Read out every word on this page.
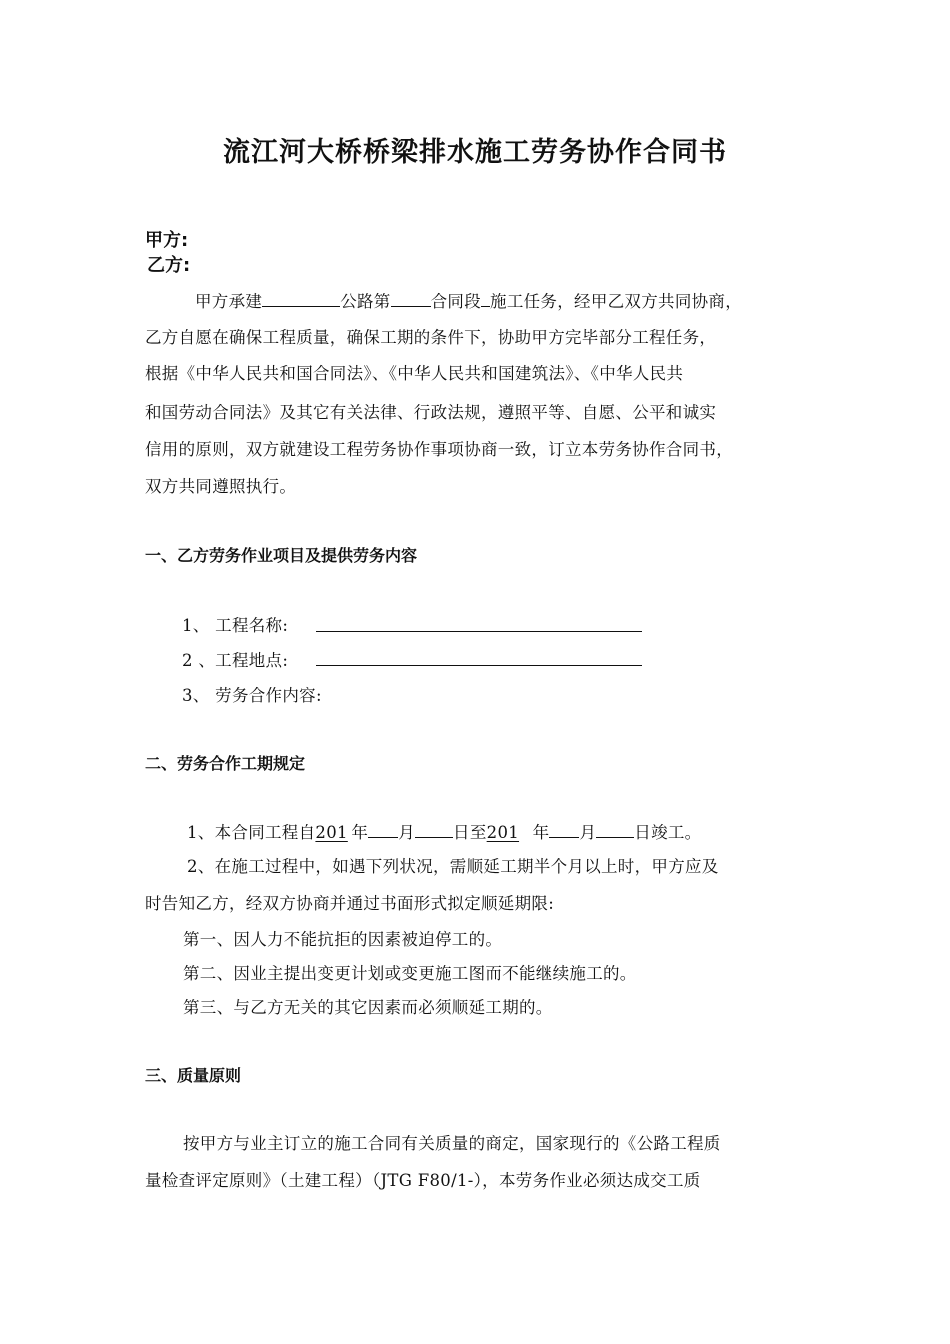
流江河大桥桥梁排水施工劳务协作合同书
甲方:
乙方:
甲方承建	公路第 合同段 施工任务，经甲乙双方共同协商，
乙方自愿在确保工程质量，确保工期的条件下，协助甲方完毕部分工程任务，
根据《中华人民共和国合同法》、《中华人民共和国建筑法》、《中华人民共
和国劳动合同法》及其它有关法律、行政法规，遵照平等、自愿、公平和诚实
信用的原则，双方就建设工程劳务协作事项协商一致，订立本劳务协作合同书，
双方共同遵照执行。
一、乙方劳务作业项目及提供劳务内容
1、 工程名称:
2 、工程地点:
3、 劳务合作内容:
二、劳务合作工期规定
1、本合同工程自201 年 月 日至201 年 月 日竣工。
2、在施工过程中，如遇下列状况，需顺延工期半个月以上时，甲方应及
时告知乙方，经双方协商并通过书面形式拟定顺延期限:
第一、因人力不能抗拒的因素被迫停工的。
第二、因业主提出变更计划或变更施工图而不能继续施工的。
第三、与乙方无关的其它因素而必须顺延工期的。
三、质量原则
按甲方与业主订立的施工合同有关质量的商定，国家现行的《公路工程质
量检查评定原则》（土建工程）（JTG F80/1-），本劳务作业必须达成交工质
